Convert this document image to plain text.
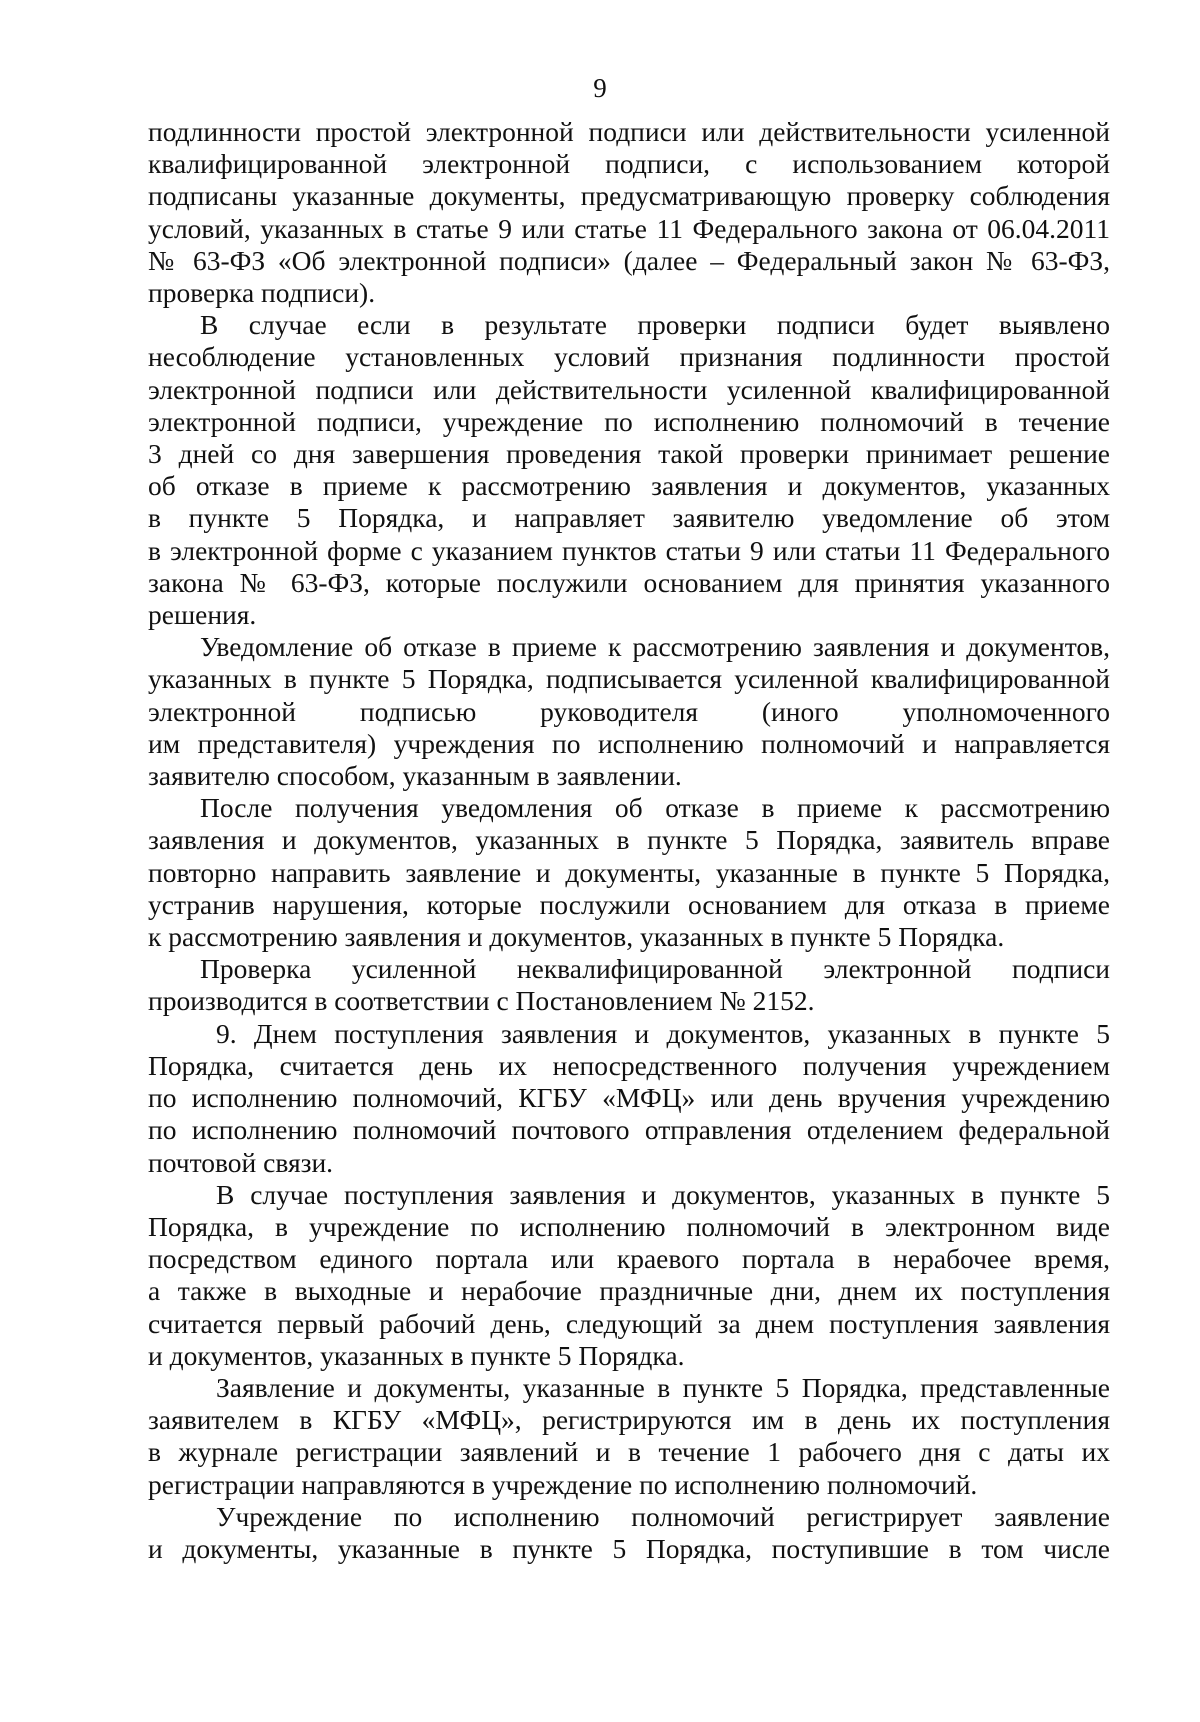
9
подлинности простой электронной подписи или действительности усиленной
квалифицированной электронной подписи, с использованием которой
подписаны указанные документы, предусматривающую проверку соблюдения
условий, указанных в статье 9 или статье 11 Федерального закона от 06.04.2011
№ 63-ФЗ «Об электронной подписи» (далее – Федеральный закон № 63-ФЗ,
проверка подписи).
В случае если в результате проверки подписи будет выявлено
несоблюдение установленных условий признания подлинности простой
электронной подписи или действительности усиленной квалифицированной
электронной подписи, учреждение по исполнению полномочий в течение
3 дней со дня завершения проведения такой проверки принимает решение
об отказе в приеме к рассмотрению заявления и документов, указанных
в пункте 5 Порядка, и направляет заявителю уведомление об этом
в электронной форме с указанием пунктов статьи 9 или статьи 11 Федерального
закона № 63-ФЗ, которые послужили основанием для принятия указанного
решения.
Уведомление об отказе в приеме к рассмотрению заявления и документов,
указанных в пункте 5 Порядка, подписывается усиленной квалифицированной
электронной подписью руководителя (иного уполномоченного
им представителя) учреждения по исполнению полномочий и направляется
заявителю способом, указанным в заявлении.
После получения уведомления об отказе в приеме к рассмотрению
заявления и документов, указанных в пункте 5 Порядка, заявитель вправе
повторно направить заявление и документы, указанные в пункте 5 Порядка,
устранив нарушения, которые послужили основанием для отказа в приеме
к рассмотрению заявления и документов, указанных в пункте 5 Порядка.
Проверка усиленной неквалифицированной электронной подписи
производится в соответствии с Постановлением № 2152.
9. Днем поступления заявления и документов, указанных в пункте 5
Порядка, считается день их непосредственного получения учреждением
по исполнению полномочий, КГБУ «МФЦ» или день вручения учреждению
по исполнению полномочий почтового отправления отделением федеральной
почтовой связи.
В случае поступления заявления и документов, указанных в пункте 5
Порядка, в учреждение по исполнению полномочий в электронном виде
посредством единого портала или краевого портала в нерабочее время,
а также в выходные и нерабочие праздничные дни, днем их поступления
считается первый рабочий день, следующий за днем поступления заявления
и документов, указанных в пункте 5 Порядка.
Заявление и документы, указанные в пункте 5 Порядка, представленные
заявителем в КГБУ «МФЦ», регистрируются им в день их поступления
в журнале регистрации заявлений и в течение 1 рабочего дня с даты их
регистрации направляются в учреждение по исполнению полномочий.
Учреждение по исполнению полномочий регистрирует заявление
и документы, указанные в пункте 5 Порядка, поступившие в том числе
